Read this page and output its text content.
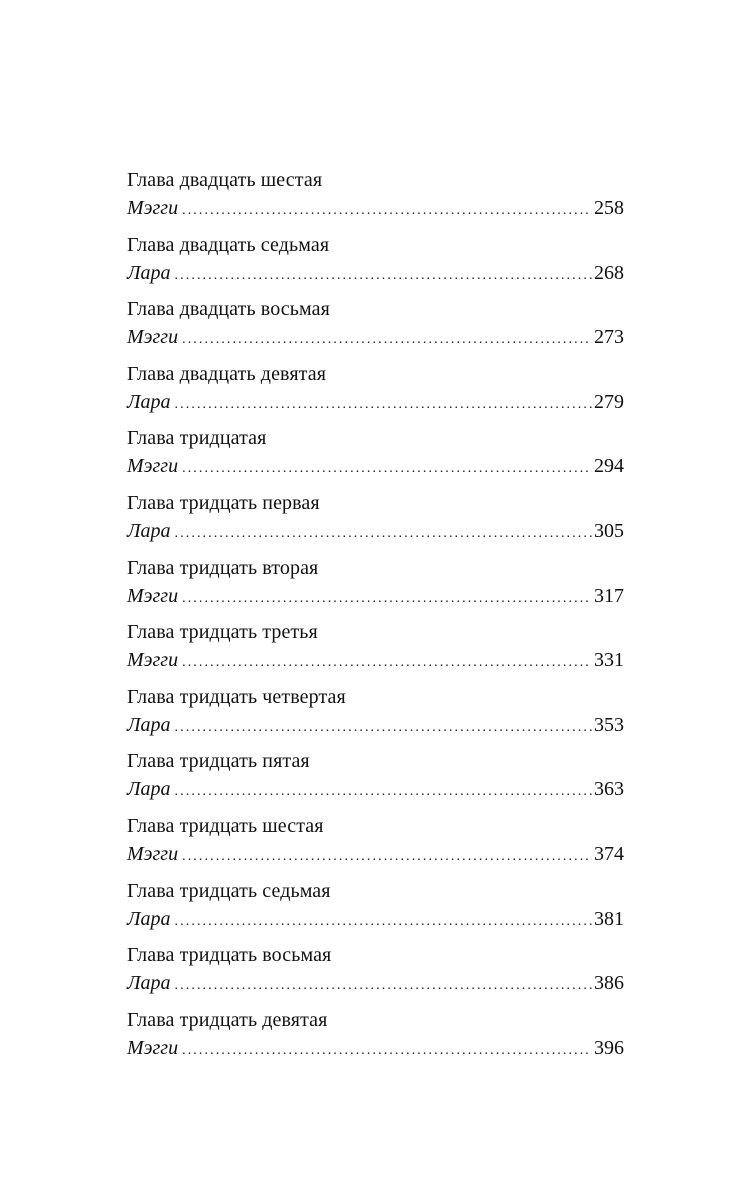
Глава двадцать шестая
Мэгги .....	258
Глава двадцать седьмая
Лара .....	268
Глава двадцать восьмая
Мэгги .....	273
Глава двадцать девятая
Лара .....	279
Глава тридцатая
Мэгги .....	294
Глава тридцать первая
Лара .....	305
Глава тридцать вторая
Мэгги .....	317
Глава тридцать третья
Мэгги .....	331
Глава тридцать четвертая
Лара .....	353
Глава тридцать пятая
Лара .....	363
Глава тридцать шестая
Мэгги .....	374
Глава тридцать седьмая
Лара .....	381
Глава тридцать восьмая
Лара .....	386
Глава тридцать девятая
Мэгги .....	396
